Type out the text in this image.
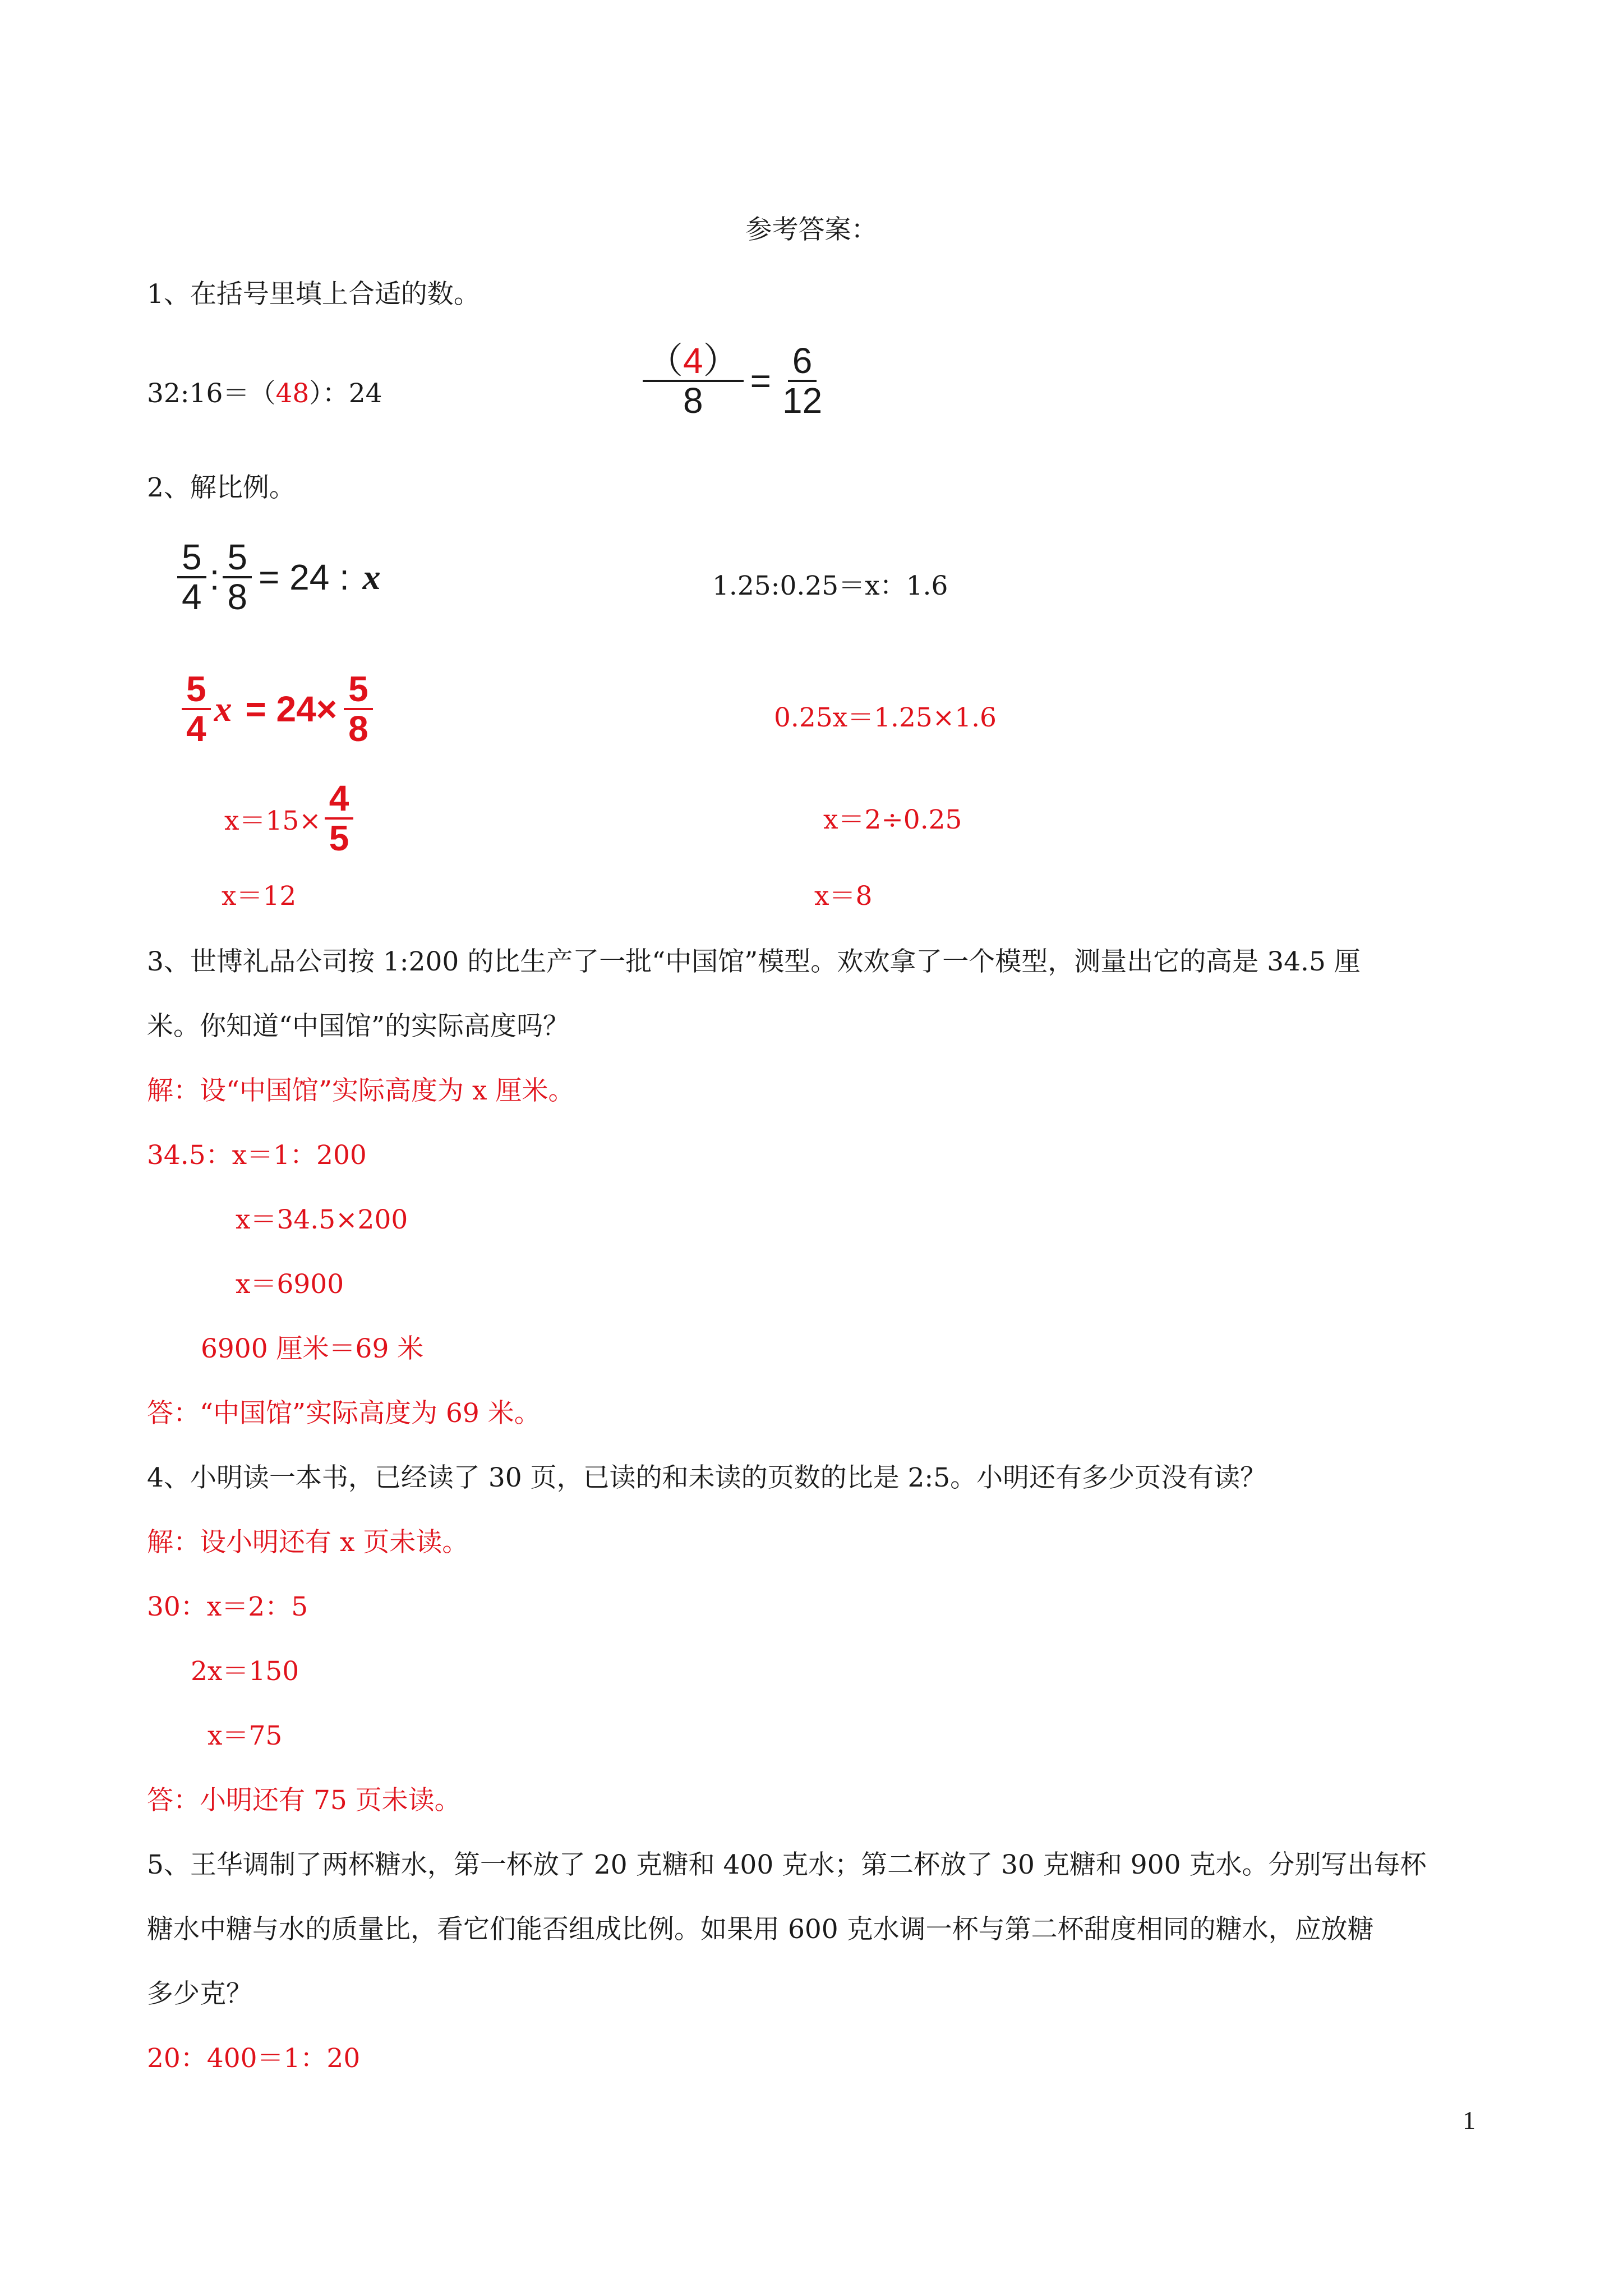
参考答案：
1、在括号里填上合适的数。
32:16＝（48）：24	$\frac{(4)}{8} = \frac{6}{12}$
2、解比例。
$\frac{5}{4}$ : $\frac{5}{8} = 24$ : x	1.25:0.25＝x：1.6
$\frac{5}{4}$ $x = 24\times \frac{5}{8}$	0.25x＝1.25×1.6
$x=15\times \frac{4}{5}$	x＝2÷0.25
x＝12	x＝8
3、世博礼品公司按 1:200 的比生产了一批“中国馆”模型。欢欢拿了一个模型，测量出它的高是 34.5 厘
米。你知道“中国馆”的实际高度吗？
解：设“中国馆”实际高度为 x 厘米。
34.5：x＝1：200
x＝34.5×200
x＝6900
6900 厘米＝69 米
答：“中国馆”实际高度为 69 米。
4、小明读一本书，已经读了 30 页，已读的和未读的页数的比是 2:5。小明还有多少页没有读？
解：设小明还有 x 页未读。
30：x＝2：5
2x＝150
x＝75
答：小明还有 75 页未读。
5、王华调制了两杯糖水，第一杯放了 20 克糖和 400 克水；第二杯放了 30 克糖和 900 克水。分别写出每杯
糖水中糖与水的质量比，看它们能否组成比例。如果用 600 克水调一杯与第二杯甜度相同的糖水，应放糖
多少克？
20：400＝1：20
1
